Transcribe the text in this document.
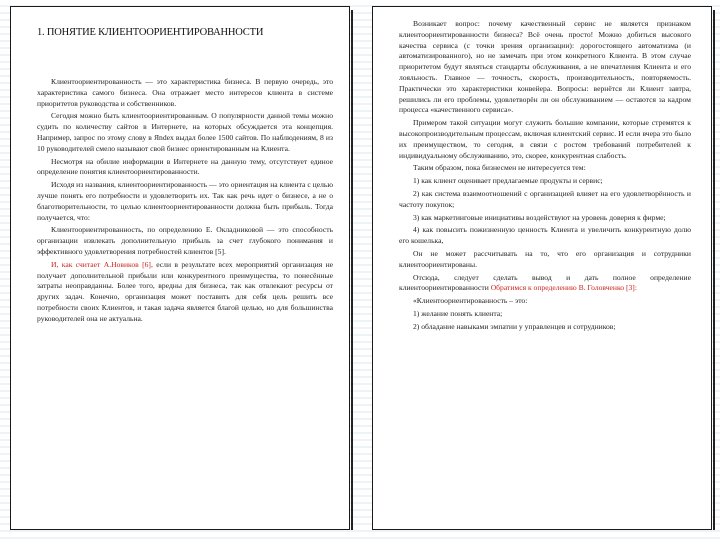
1. ПОНЯТИЕ КЛИЕНТООРИЕНТИРОВАННОСТИ

Клиентоориентированность — это характеристика бизнеса. В первую очередь, это характеристика самого бизнеса. Она отражает место интересов клиента в системе приоритетов руководства и собственников.

Сегодня можно быть клиентоориентированным. О популярности данной темы можно судить по количеству сайтов в Интернете, на которых обсуждается эта концепция. Например, запрос по этому слову в Яndex выдал более 1500 сайтов. По наблюдениям, 8 из 10 руководителей смело называют свой бизнес ориентированным на Клиента.

Несмотря на обилие информации в Интернете на данную тему, отсутствует единое определение понятия клиентоориентированности.

Исходя из названия, клиентоориентированность — это ориентация на клиента с целью лучше понять его потребности и удовлетворить их. Так как речь идет о бизнесе, а не о благотворительности, то целью клиентоориентированности должна быть прибыль. Тогда получается, что:

Клиентоориентированность, по определению Е. Окладниковой — это способность организации извлекать дополнительную прибыль за счет глубокого понимания и эффективного удовлетворения потребностей клиентов [5].

И, как считает А.Новиков [6], если в результате всех мероприятий организация не получает дополнительной прибыли или конкурентного преимущества, то понесённые затраты неоправданны. Более того, вредны для бизнеса, так как отвлекают ресурсы от других задач. Конечно, организация может поставить для себя цель решить все потребности своих Клиентов, и такая задача является благой целью, но для большинства руководителей она не актуальна.

Возникает вопрос: почему качественный сервис не является признаком клиентоориентированности бизнеса? Всё очень просто! Можно добиться высокого качества сервиса (с точки зрения организации): дорогостоящего автоматизма (и автоматизированного), но не замечать при этом конкретного Клиента. В этом случае приоритетом будут являться стандарты обслуживания, а не впечатления Клиента и его лояльность. Главное — точность, скорость, производительность, повторяемость. Практически это характеристики конвейера. Вопросы: вернётся ли Клиент завтра, решились ли его проблемы, удовлетворён ли он обслуживанием — остаются за кадром процесса «качественного сервиса».

Примером такой ситуации могут служить большие компании, которые стремятся к высокопроизводительным процессам, включая клиентский сервис. И если вчера это было их преимуществом, то сегодня, в связи с ростом требований потребителей к индивидуальному обслуживанию, это, скорее, конкурентная слабость.

Таким образом, пока бизнесмен не интересуется тем:

1) как клиент оценивает предлагаемые продукты и сервис;

2) как система взаимоотношений с организацией влияет на его удовлетворённость и частоту покупок;

3) как маркетинговые инициативы воздействуют на уровень доверия к фирме;

4) как повысить пожизненную ценность Клиента и увеличить конкурентную долю его кошелька,

Он не может рассчитывать на то, что его организация и сотрудники клиентоориентированы.

Отсюда, следует сделать вывод и дать полное определение клиентоориентированности Обратимся к определению В. Головченко [3]:

«Клиентоориентированность – это:

1) желание понять клиента;

2) обладание навыками эмпатии у управленцев и сотрудников;
